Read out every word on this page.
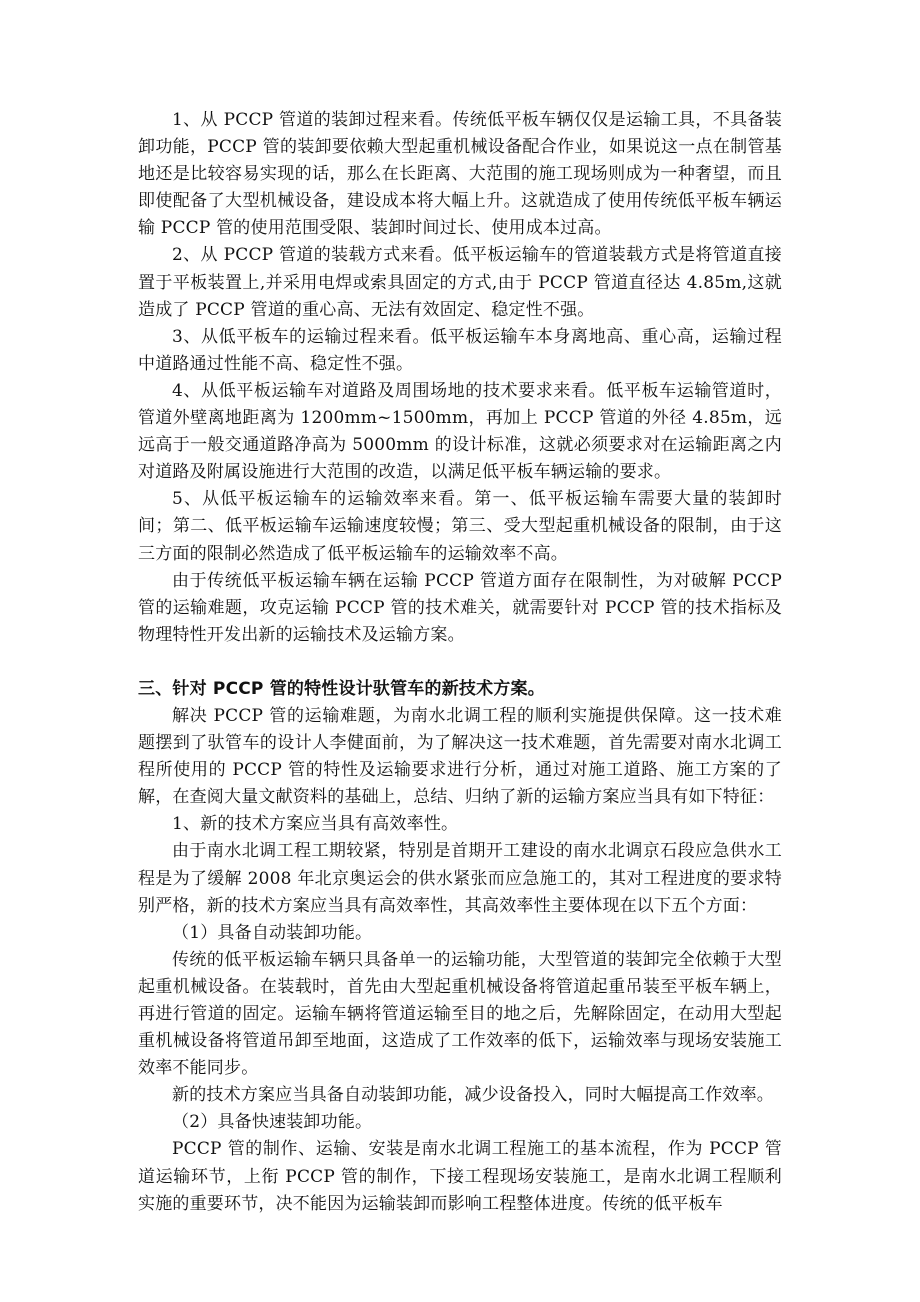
1、从 PCCP 管道的装卸过程来看。传统低平板车辆仅仅是运输工具，不具备装卸功能，PCCP 管的装卸要依赖大型起重机械设备配合作业，如果说这一点在制管基地还是比较容易实现的话，那么在长距离、大范围的施工现场则成为一种奢望，而且即使配备了大型机械设备，建设成本将大幅上升。这就造成了使用传统低平板车辆运输 PCCP 管的使用范围受限、装卸时间过长、使用成本过高。

2、从 PCCP 管道的装载方式来看。低平板运输车的管道装载方式是将管道直接置于平板装置上,并采用电焊或索具固定的方式,由于 PCCP 管道直径达 4.85m,这就造成了 PCCP 管道的重心高、无法有效固定、稳定性不强。

3、从低平板车的运输过程来看。低平板运输车本身离地高、重心高，运输过程中道路通过性能不高、稳定性不强。

4、从低平板运输车对道路及周围场地的技术要求来看。低平板车运输管道时，管道外壁离地距离为 1200mm~1500mm，再加上 PCCP 管道的外径 4.85m，远远高于一般交通道路净高为 5000mm 的设计标准，这就必须要求对在运输距离之内对道路及附属设施进行大范围的改造，以满足低平板车辆运输的要求。

5、从低平板运输车的运输效率来看。第一、低平板运输车需要大量的装卸时间；第二、低平板运输车运输速度较慢；第三、受大型起重机械设备的限制，由于这三方面的限制必然造成了低平板运输车的运输效率不高。

由于传统低平板运输车辆在运输 PCCP 管道方面存在限制性，为对破解 PCCP 管的运输难题，攻克运输 PCCP 管的技术难关，就需要针对 PCCP 管的技术指标及物理特性开发出新的运输技术及运输方案。

三、针对 PCCP 管的特性设计驮管车的新技术方案。

解决 PCCP 管的运输难题，为南水北调工程的顺利实施提供保障。这一技术难题摆到了驮管车的设计人李健面前，为了解决这一技术难题，首先需要对南水北调工程所使用的 PCCP 管的特性及运输要求进行分析，通过对施工道路、施工方案的了解，在查阅大量文献资料的基础上，总结、归纳了新的运输方案应当具有如下特征：

1、新的技术方案应当具有高效率性。

由于南水北调工程工期较紧，特别是首期开工建设的南水北调京石段应急供水工程是为了缓解 2008 年北京奥运会的供水紧张而应急施工的，其对工程进度的要求特别严格，新的技术方案应当具有高效率性，其高效率性主要体现在以下五个方面：

（1）具备自动装卸功能。

传统的低平板运输车辆只具备单一的运输功能，大型管道的装卸完全依赖于大型起重机械设备。在装载时，首先由大型起重机械设备将管道起重吊装至平板车辆上，再进行管道的固定。运输车辆将管道运输至目的地之后，先解除固定，在动用大型起重机械设备将管道吊卸至地面，这造成了工作效率的低下，运输效率与现场安装施工效率不能同步。

新的技术方案应当具备自动装卸功能，减少设备投入，同时大幅提高工作效率。

（2）具备快速装卸功能。

PCCP 管的制作、运输、安装是南水北调工程施工的基本流程，作为 PCCP 管道运输环节，上衔 PCCP 管的制作，下接工程现场安装施工，是南水北调工程顺利实施的重要环节，决不能因为运输装卸而影响工程整体进度。传统的低平板车
